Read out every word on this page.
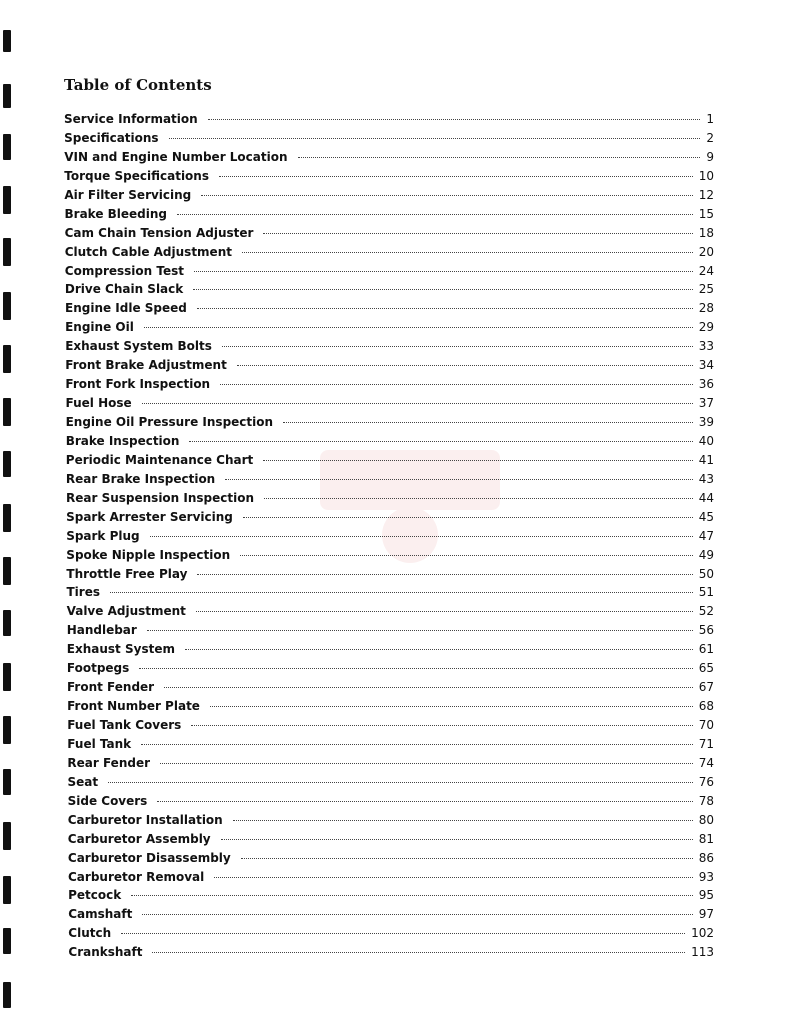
Table of Contents
Service Information	1
Specifications	2
VIN and Engine Number Location	9
Torque Specifications	10
Air Filter Servicing	12
Brake Bleeding	15
Cam Chain Tension Adjuster	18
Clutch Cable Adjustment	20
Compression Test	24
Drive Chain Slack	25
Engine Idle Speed	28
Engine Oil	29
Exhaust System Bolts	33
Front Brake Adjustment	34
Front Fork Inspection	36
Fuel Hose	37
Engine Oil Pressure Inspection	39
Brake Inspection	40
Periodic Maintenance Chart	41
Rear Brake Inspection	43
Rear Suspension Inspection	44
Spark Arrester Servicing	45
Spark Plug	47
Spoke Nipple Inspection	49
Throttle Free Play	50
Tires	51
Valve Adjustment	52
Handlebar	56
Exhaust System	61
Footpegs	65
Front Fender	67
Front Number Plate	68
Fuel Tank Covers	70
Fuel Tank	71
Rear Fender	74
Seat	76
Side Covers	78
Carburetor Installation	80
Carburetor Assembly	81
Carburetor Disassembly	86
Carburetor Removal	93
Petcock	95
Camshaft	97
Clutch	102
Crankshaft	113
